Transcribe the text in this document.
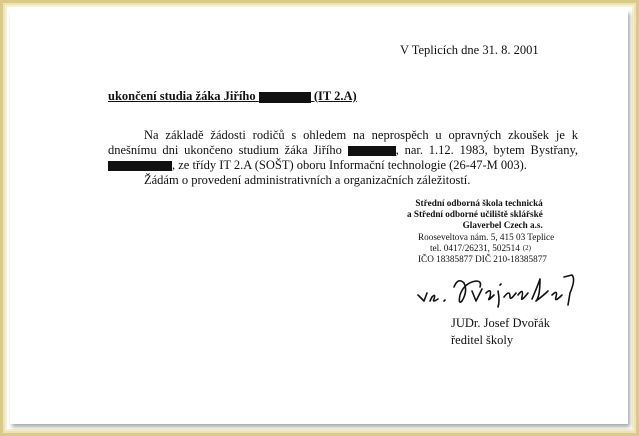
V Teplicích dne 31. 8. 2001
ukončení studia žáka Jiřího	(IT 2.A)
Na základě žádosti rodičů s ohledem na neprospěch u opravných zkoušek je k
dnešnímu dni ukončeno studium žáka Jiřího	, nar. 1.12. 1983, bytem Bystřany,
, ze třídy IT 2.A (SOŠT) oboru Informační technologie (26-47-M 003).
Žádám o provedení administrativních a organizačních záležitostí.
Střední odborná škola technická
a Střední odborné učiliště sklářské
Glaverbel Czech a.s.
Rooseveltova nám. 5, 415 03 Teplice
tel. 0417/26231, 502514 $^{(2)}$
IČO 18385877 DIČ 210-18385877
JUDr. Josef Dvořák
ředitel školy
